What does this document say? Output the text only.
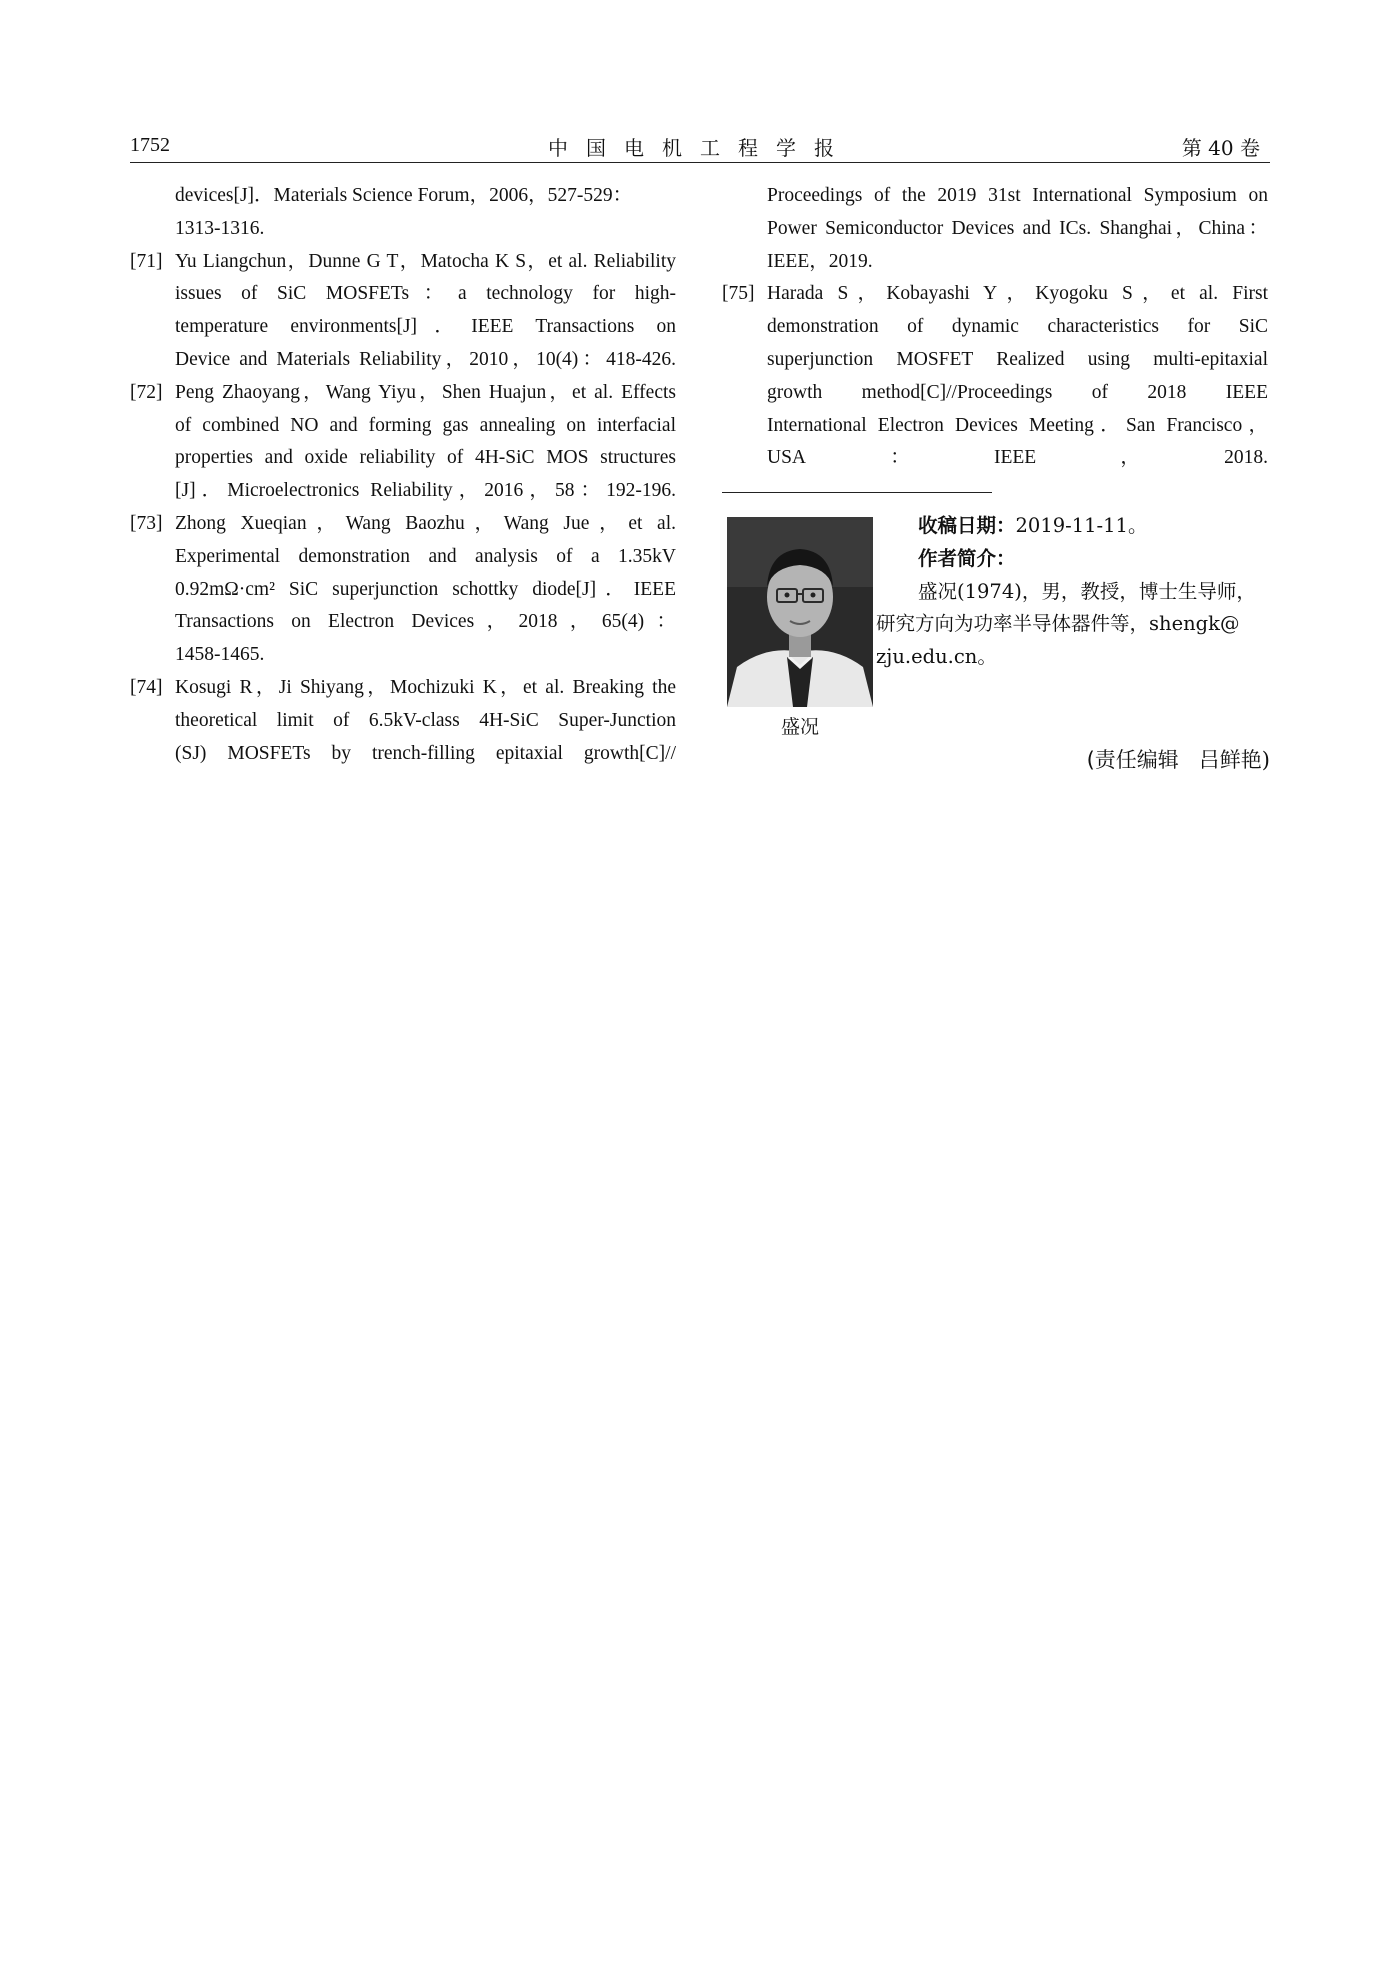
1752	中国电机工程学报	第 40 卷
devices[J]．Materials Science Forum，2006，527-529：
1313-1316.
[71] Yu Liangchun，Dunne G T，Matocha K S，et al. Reliability
issues of SiC MOSFETs：a technology for high-
temperature environments[J]．IEEE Transactions on
Device and Materials Reliability，2010，10(4)：418-426.
[72] Peng Zhaoyang，Wang Yiyu，Shen Huajun，et al. Effects
of combined NO and forming gas annealing on interfacial
properties and oxide reliability of 4H-SiC MOS structures
[J]．Microelectronics Reliability，2016，58：192-196.
[73] Zhong Xueqian，Wang Baozhu，Wang Jue，et al.
Experimental demonstration and analysis of a 1.35kV
0.92mΩ·cm² SiC superjunction schottky diode[J]．IEEE
Transactions on Electron Devices，2018，65(4)：
1458-1465.
[74] Kosugi R，Ji Shiyang，Mochizuki K，et al. Breaking the
theoretical limit of 6.5kV-class 4H-SiC Super-Junction
(SJ) MOSFETs by trench-filling epitaxial growth[C]//
Proceedings of the 2019 31st International Symposium on
Power Semiconductor Devices and ICs. Shanghai，China：
IEEE，2019.
[75] Harada S，Kobayashi Y，Kyogoku S，et al. First
demonstration of dynamic characteristics for SiC
superjunction MOSFET Realized using multi-epitaxial
growth method[C]//Proceedings of 2018 IEEE
International Electron Devices Meeting．San Francisco，
USA：IEEE，2018.
盛况
收稿日期：2019-11-11。
作者简介：
盛况(1974)，男，教授，博士生导师，
研究方向为功率半导体器件等，shengk@
zju.edu.cn。
(责任编辑 吕鲜艳)
